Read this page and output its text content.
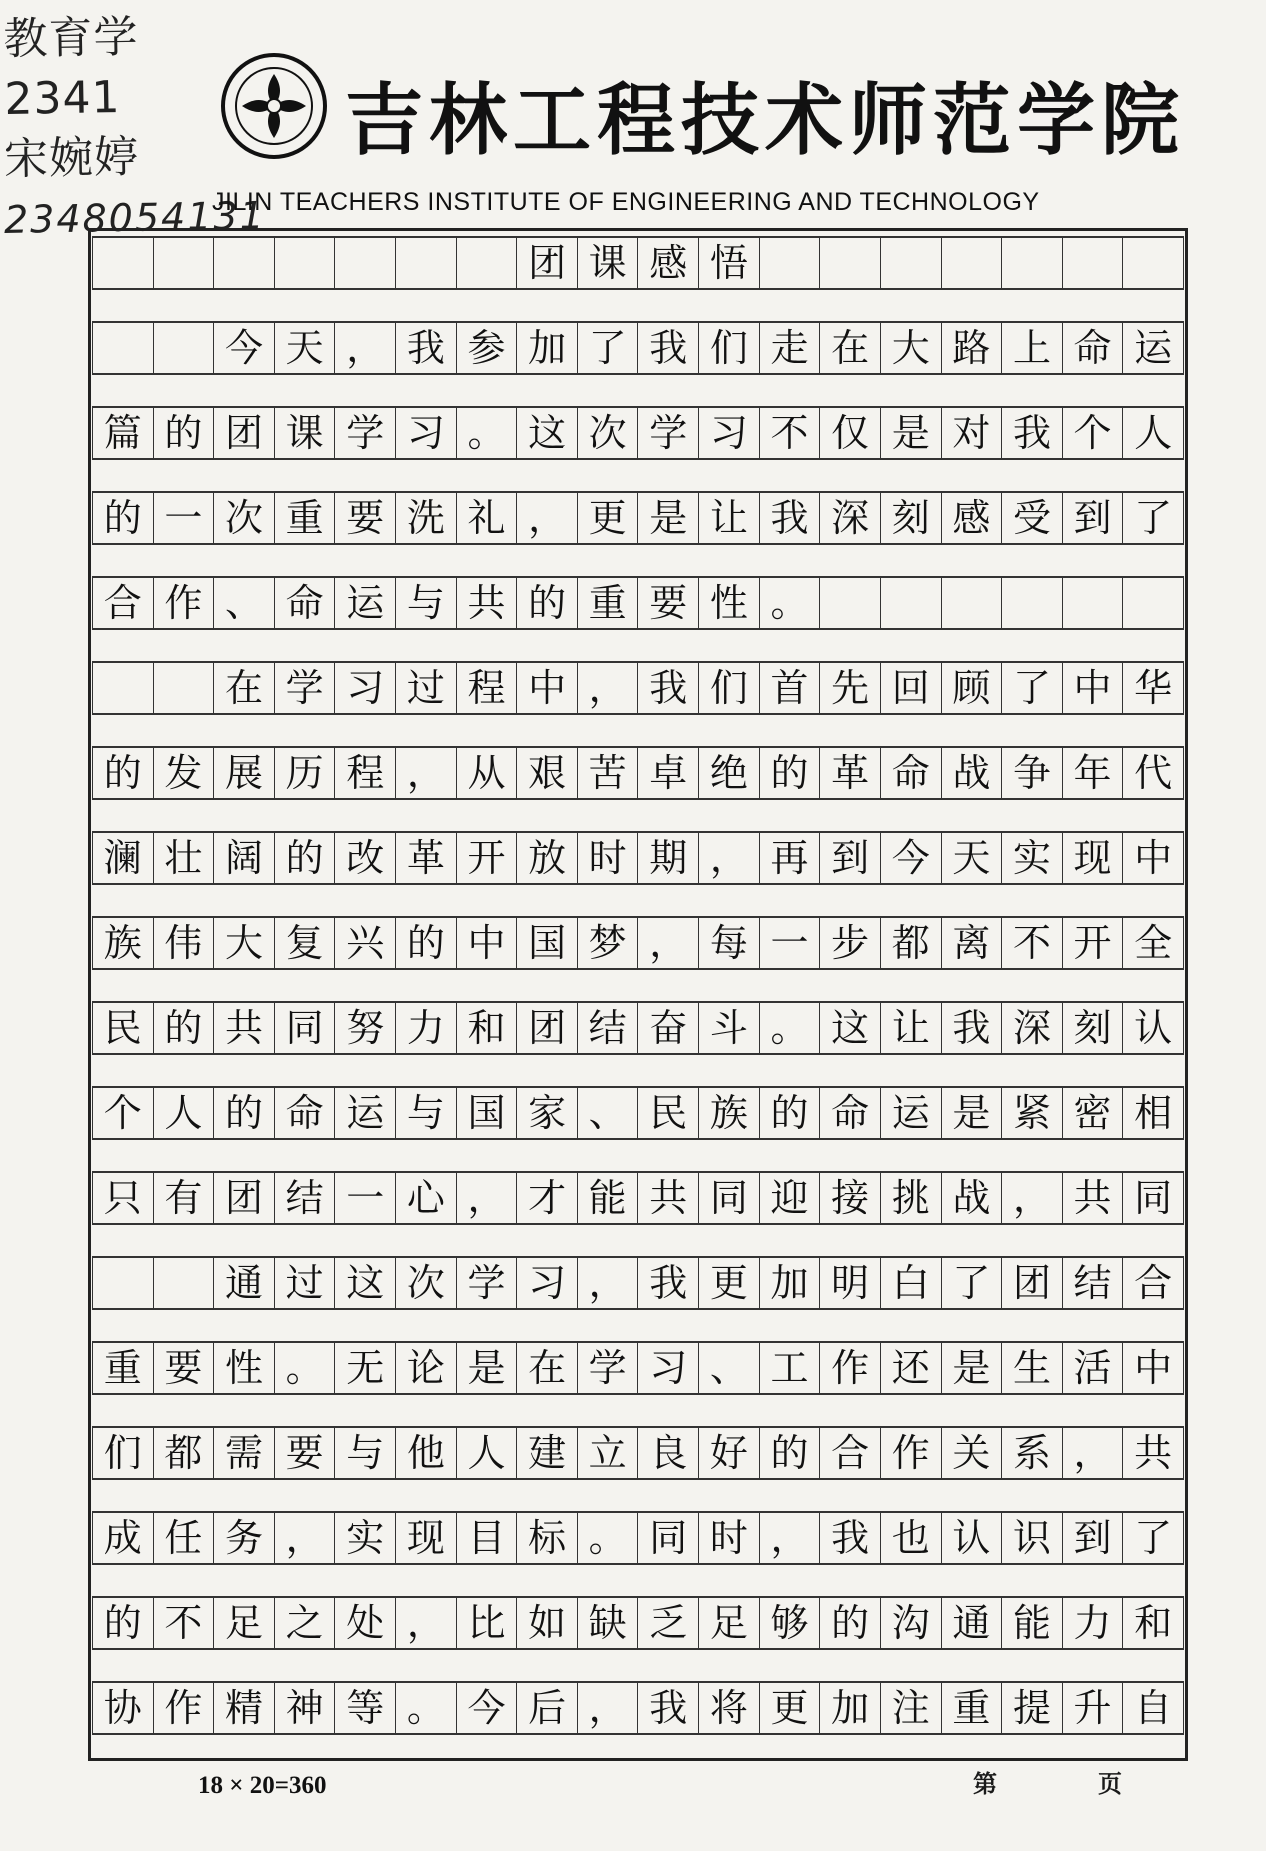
教育学2341
宋婉婷
2348054131
吉林工程技术师范学院
JILIN TEACHERS INSTITUTE OF ENGINEERING AND TECHNOLOGY
团 课 感 悟
今 天 ， 我 参 加 了 我 们 走 在 大 路 上 命 运
篇 的 团 课 学 习 。 这 次 学 习 不 仅 是 对 我 个 人
的 一 次 重 要 洗 礼 ， 更 是 让 我 深 刻 感 受 到 了
合 作 、 命 运 与 共 的 重 要 性 。
在 学 习 过 程 中 ， 我 们 首 先 回 顾 了 中 华
的 发 展 历 程 ， 从 艰 苦 卓 绝 的 革 命 战 争 年 代
澜 壮 阔 的 改 革 开 放 时 期 ， 再 到 今 天 实 现 中
族 伟 大 复 兴 的 中 国 梦 ， 每 一 步 都 离 不 开 全
民 的 共 同 努 力 和 团 结 奋 斗 。 这 让 我 深 刻 认
个 人 的 命 运 与 国 家 、 民 族 的 命 运 是 紧 密 相
只 有 团 结 一 心 ， 才 能 共 同 迎 接 挑 战 ， 共 同
通 过 这 次 学 习 ， 我 更 加 明 白 了 团 结 合
重 要 性 。 无 论 是 在 学 习 、 工 作 还 是 生 活 中
们 都 需 要 与 他 人 建 立 良 好 的 合 作 关 系 ， 共
成 任 务 ， 实 现 目 标 。 同 时 ， 我 也 认 识 到 了
的 不 足 之 处 ， 比 如 缺 乏 足 够 的 沟 通 能 力 和
协 作 精 神 等 。 今 后 ， 我 将 更 加 注 重 提 升 自
18 × 20=360	第	页
